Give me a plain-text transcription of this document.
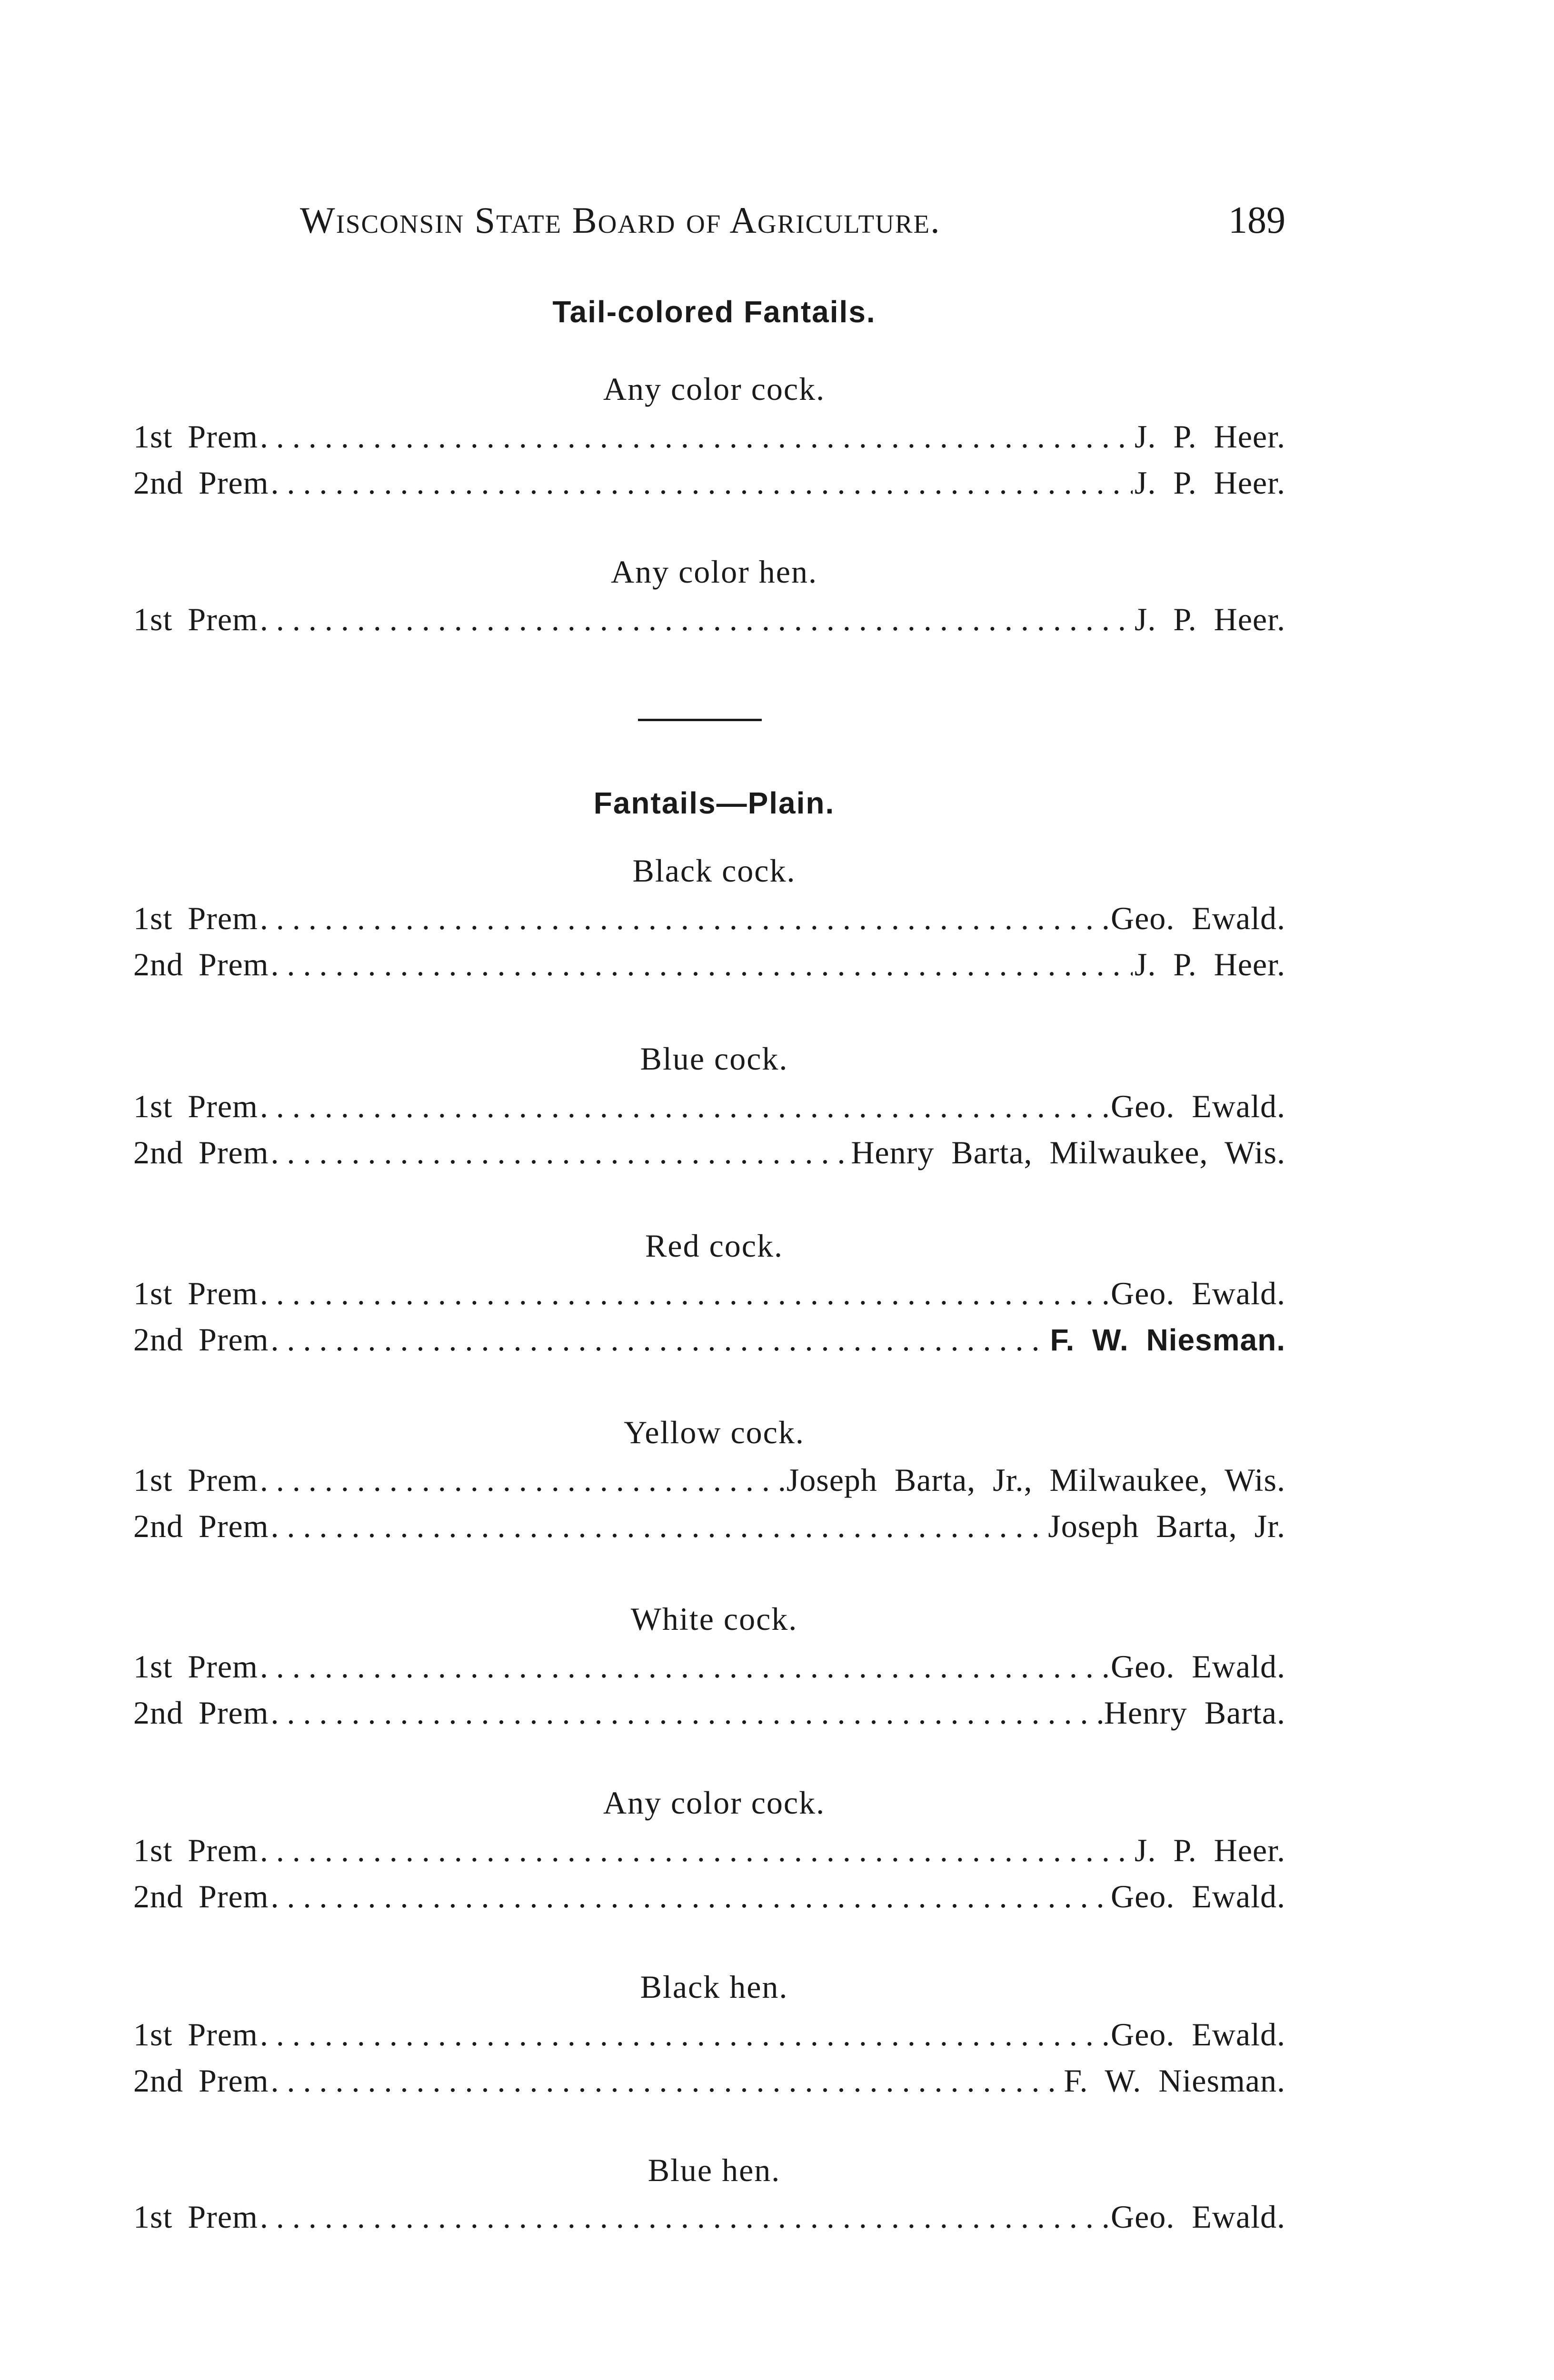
Wisconsin State Board of Agriculture.	189
Tail-colored Fantails.
Any color cock.
1st Prem . . .	J. P. Heer.
2nd Prem . . .	J. P. Heer.
Any color hen.
1st Prem . . .	J. P. Heer.
Fantails—Plain.
Black cock.
1st Prem . . .	Geo. Ewald.
2nd Prem . . .	J. P. Heer.
Blue cock.
1st Prem . . .	Geo. Ewald.
2nd Prem . . .	Henry Barta, Milwaukee, Wis.
Red cock.
1st Prem . . .	Geo. Ewald.
2nd Prem . . .	F. W. Niesman.
Yellow cock.
1st Prem . . .	Joseph Barta, Jr., Milwaukee, Wis.
2nd Prem . . .	Joseph Barta, Jr.
White cock.
1st Prem . . .	Geo. Ewald.
2nd Prem . . .	Henry Barta.
Any color cock.
1st Prem . . .	J. P. Heer.
2nd Prem . . .	Geo. Ewald.
Black hen.
1st Prem . . .	Geo. Ewald.
2nd Prem . . .	F. W. Niesman.
Blue hen.
1st Prem . . .	Geo. Ewald.
